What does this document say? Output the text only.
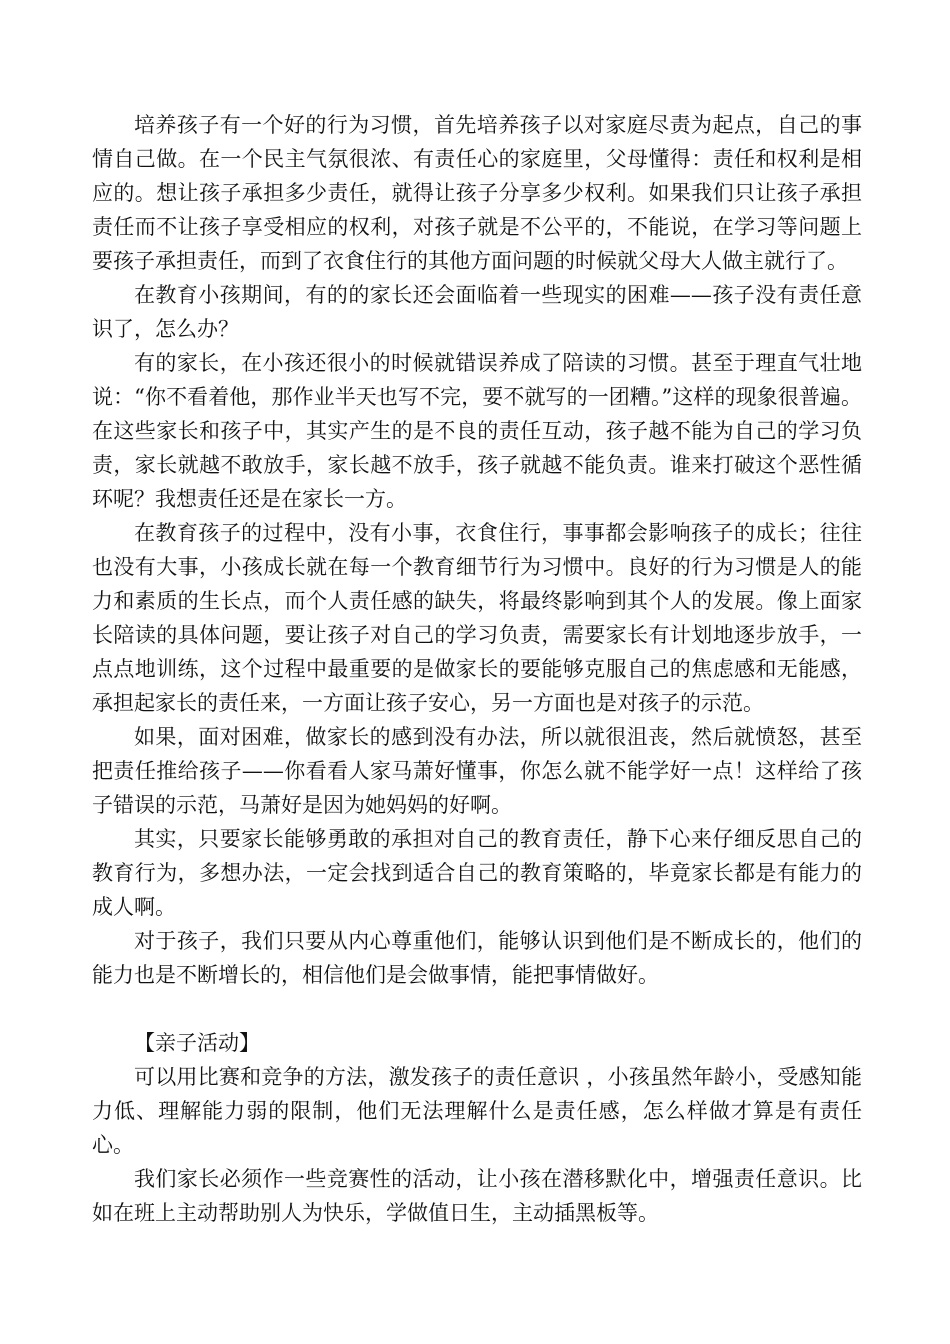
培养孩子有一个好的行为习惯，首先培养孩子以对家庭尽责为起点，自己的事情自己做。在一个民主气氛很浓、有责任心的家庭里，父母懂得：责任和权利是相应的。想让孩子承担多少责任，就得让孩子分享多少权利。如果我们只让孩子承担责任而不让孩子享受相应的权利，对孩子就是不公平的，不能说，在学习等问题上要孩子承担责任，而到了衣食住行的其他方面问题的时候就父母大人做主就行了。

在教育小孩期间，有的的家长还会面临着一些现实的困难——孩子没有责任意识了，怎么办？

有的家长，在小孩还很小的时候就错误养成了陪读的习惯。甚至于理直气壮地说：“你不看着他，那作业半天也写不完，要不就写的一团糟。”这样的现象很普遍。在这些家长和孩子中，其实产生的是不良的责任互动，孩子越不能为自己的学习负责，家长就越不敢放手，家长越不放手，孩子就越不能负责。谁来打破这个恶性循环呢？我想责任还是在家长一方。

在教育孩子的过程中，没有小事，衣食住行，事事都会影响孩子的成长；往往也没有大事，小孩成长就在每一个教育细节行为习惯中。良好的行为习惯是人的能力和素质的生长点，而个人责任感的缺失，将最终影响到其个人的发展。像上面家长陪读的具体问题，要让孩子对自己的学习负责，需要家长有计划地逐步放手，一点点地训练，这个过程中最重要的是做家长的要能够克服自己的焦虑感和无能感，承担起家长的责任来，一方面让孩子安心，另一方面也是对孩子的示范。

如果，面对困难，做家长的感到没有办法，所以就很沮丧，然后就愤怒，甚至把责任推给孩子——你看看人家马萧好懂事，你怎么就不能学好一点！这样给了孩子错误的示范，马萧好是因为她妈妈的好啊。

其实，只要家长能够勇敢的承担对自己的教育责任，静下心来仔细反思自己的教育行为，多想办法，一定会找到适合自己的教育策略的，毕竟家长都是有能力的成人啊。

对于孩子，我们只要从内心尊重他们，能够认识到他们是不断成长的，他们的能力也是不断增长的，相信他们是会做事情，能把事情做好。

【亲子活动】

可以用比赛和竞争的方法，激发孩子的责任意识 ，小孩虽然年龄小，受感知能力低、理解能力弱的限制，他们无法理解什么是责任感，怎么样做才算是有责任心。

我们家长必须作一些竞赛性的活动，让小孩在潜移默化中，增强责任意识。比如在班上主动帮助别人为快乐，学做值日生，主动插黑板等。
